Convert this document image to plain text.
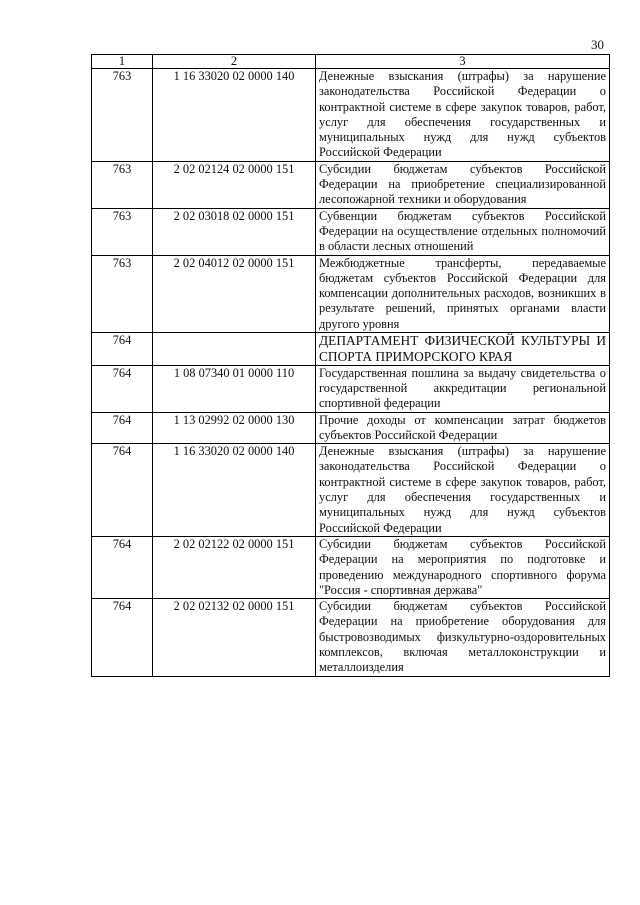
30
1	2	3
763	1 16 33020 02 0000 140	Денежные взыскания (штрафы) за нарушение законодательства Российской Федерации о контрактной системе в сфере закупок товаров, работ, услуг для обеспечения государственных и муниципальных нужд для нужд субъектов Российской Федерации
763	2 02 02124 02 0000 151	Субсидии бюджетам субъектов Российской Федерации на приобретение специализированной лесопожарной техники и оборудования
763	2 02 03018 02 0000 151	Субвенции бюджетам субъектов Российской Федерации на осуществление отдельных полномочий в области лесных отношений
763	2 02 04012 02 0000 151	Межбюджетные трансферты, передаваемые бюджетам субъектов Российской Федерации для компенсации дополнительных расходов, возникших в результате решений, принятых органами власти другого уровня
764		ДЕПАРТАМЕНТ ФИЗИЧЕСКОЙ КУЛЬТУРЫ И СПОРТА ПРИМОРСКОГО КРАЯ
764	1 08 07340 01 0000 110	Государственная пошлина за выдачу свидетельства о государственной аккредитации региональной спортивной федерации
764	1 13 02992 02 0000 130	Прочие доходы от компенсации затрат бюджетов субъектов Российской Федерации
764	1 16 33020 02 0000 140	Денежные взыскания (штрафы) за нарушение законодательства Российской Федерации о контрактной системе в сфере закупок товаров, работ, услуг для обеспечения государственных и муниципальных нужд для нужд субъектов Российской Федерации
764	2 02 02122 02 0000 151	Субсидии бюджетам субъектов Российской Федерации на мероприятия по подготовке и проведению международного спортивного форума "Россия - спортивная держава"
764	2 02 02132 02 0000 151	Субсидии бюджетам субъектов Российской Федерации на приобретение оборудования для быстровозводимых физкультурно-оздоровительных комплексов, включая металлоконструкции и металлоизделия
